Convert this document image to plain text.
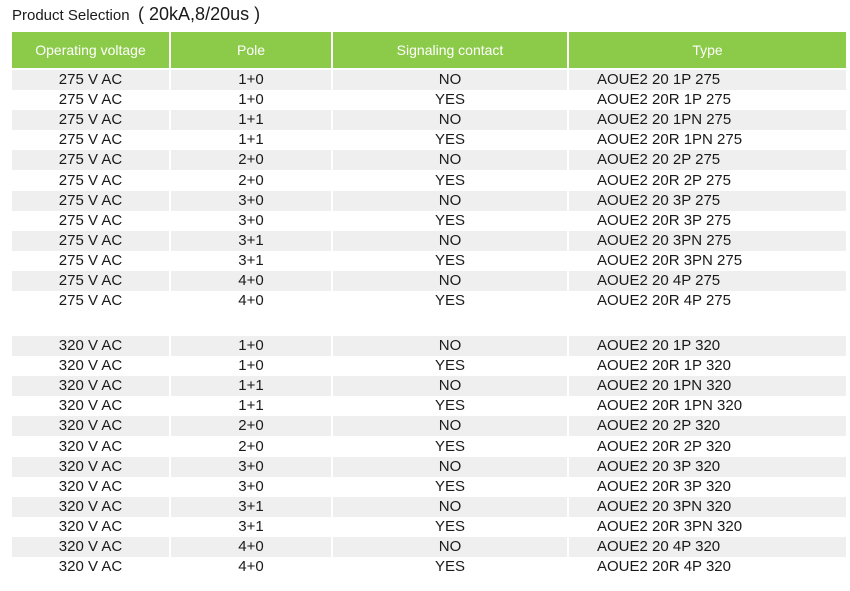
Product Selection ( 20kA,8/20us )
Operating voltage	Pole	Signaling contact	Type
275 V AC	1+0	NO	AOUE2 20 1P 275
275 V AC	1+0	YES	AOUE2 20R 1P 275
275 V AC	1+1	NO	AOUE2 20 1PN 275
275 V AC	1+1	YES	AOUE2 20R 1PN 275
275 V AC	2+0	NO	AOUE2 20 2P 275
275 V AC	2+0	YES	AOUE2 20R 2P 275
275 V AC	3+0	NO	AOUE2 20 3P 275
275 V AC	3+0	YES	AOUE2 20R 3P 275
275 V AC	3+1	NO	AOUE2 20 3PN 275
275 V AC	3+1	YES	AOUE2 20R 3PN 275
275 V AC	4+0	NO	AOUE2 20 4P 275
275 V AC	4+0	YES	AOUE2 20R 4P 275
320 V AC	1+0	NO	AOUE2 20 1P 320
320 V AC	1+0	YES	AOUE2 20R 1P 320
320 V AC	1+1	NO	AOUE2 20 1PN 320
320 V AC	1+1	YES	AOUE2 20R 1PN 320
320 V AC	2+0	NO	AOUE2 20 2P 320
320 V AC	2+0	YES	AOUE2 20R 2P 320
320 V AC	3+0	NO	AOUE2 20 3P 320
320 V AC	3+0	YES	AOUE2 20R 3P 320
320 V AC	3+1	NO	AOUE2 20 3PN 320
320 V AC	3+1	YES	AOUE2 20R 3PN 320
320 V AC	4+0	NO	AOUE2 20 4P 320
320 V AC	4+0	YES	AOUE2 20R 4P 320
